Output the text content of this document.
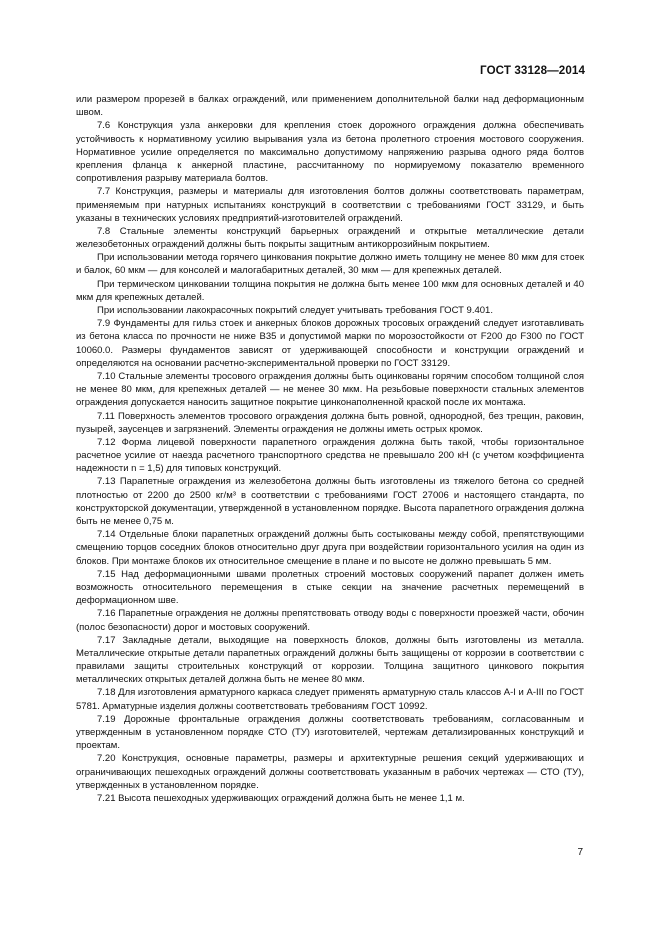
ГОСТ 33128—2014

или размером прорезей в балках ограждений, или применением дополнительной балки над деформационным швом.

7.6 Конструкция узла анкеровки для крепления стоек дорожного ограждения должна обеспечивать устойчивость к нормативному усилию вырывания узла из бетона пролетного строения мостового сооружения. Нормативное усилие определяется по максимально допустимому напряжению разрыва одного ряда болтов крепления фланца к анкерной пластине, рассчитанному по нормируемому показателю временного сопротивления разрыву материала болтов.

7.7 Конструкция, размеры и материалы для изготовления болтов должны соответствовать параметрам, применяемым при натурных испытаниях конструкций в соответствии с требованиями ГОСТ 33129, и быть указаны в технических условиях предприятий-изготовителей ограждений.

7.8 Стальные элементы конструкций барьерных ограждений и открытые металлические детали железобетонных ограждений должны быть покрыты защитным антикоррозийным покрытием.

При использовании метода горячего цинкования покрытие должно иметь толщину не менее 80 мкм для стоек и балок, 60 мкм — для консолей и малогабаритных деталей, 30 мкм — для крепежных деталей.

При термическом цинковании толщина покрытия не должна быть менее 100 мкм для основных деталей и 40 мкм для крепежных деталей.

При использовании лакокрасочных покрытий следует учитывать требования ГОСТ 9.401.

7.9 Фундаменты для гильз стоек и анкерных блоков дорожных тросовых ограждений следует изготавливать из бетона класса по прочности не ниже В35 и допустимой марки по морозостойкости от F200 до F300 по ГОСТ 10060.0. Размеры фундаментов зависят от удерживающей способности и конструкции ограждений и определяются на основании расчетно-экспериментальной проверки по ГОСТ 33129.

7.10 Стальные элементы тросового ограждения должны быть оцинкованы горячим способом толщиной слоя не менее 80 мкм, для крепежных деталей — не менее 30 мкм. На резьбовые поверхности стальных элементов ограждения допускается наносить защитное покрытие цинконаполненной краской после их монтажа.

7.11 Поверхность элементов тросового ограждения должна быть ровной, однородной, без трещин, раковин, пузырей, заусенцев и загрязнений. Элементы ограждения не должны иметь острых кромок.

7.12 Форма лицевой поверхности парапетного ограждения должна быть такой, чтобы горизонтальное расчетное усилие от наезда расчетного транспортного средства не превышало 200 кН (с учетом коэффициента надежности n = 1,5) для типовых конструкций.

7.13 Парапетные ограждения из железобетона должны быть изготовлены из тяжелого бетона со средней плотностью от 2200 до 2500 кг/м³ в соответствии с требованиями ГОСТ 27006 и настоящего стандарта, по конструкторской документации, утвержденной в установленном порядке. Высота парапетного ограждения должна быть не менее 0,75 м.

7.14 Отдельные блоки парапетных ограждений должны быть состыкованы между собой, препятствующими смещению торцов соседних блоков относительно друг друга при воздействии горизонтального усилия на один из блоков. При монтаже блоков их относительное смещение в плане и по высоте не должно превышать 5 мм.

7.15 Над деформационными швами пролетных строений мостовых сооружений парапет должен иметь возможность относительного перемещения в стыке секции на значение расчетных перемещений в деформационном шве.

7.16 Парапетные ограждения не должны препятствовать отводу воды с поверхности проезжей части, обочин (полос безопасности) дорог и мостовых сооружений.

7.17 Закладные детали, выходящие на поверхность блоков, должны быть изготовлены из металла. Металлические открытые детали парапетных ограждений должны быть защищены от коррозии в соответствии с правилами защиты строительных конструкций от коррозии. Толщина защитного цинкового покрытия металлических открытых деталей должна быть не менее 80 мкм.

7.18 Для изготовления арматурного каркаса следует применять арматурную сталь классов А-I и А-III по ГОСТ 5781. Арматурные изделия должны соответствовать требованиям ГОСТ 10992.

7.19 Дорожные фронтальные ограждения должны соответствовать требованиям, согласованным и утвержденным в установленном порядке СТО (ТУ) изготовителей, чертежам детализированных конструкций и проектам.

7.20 Конструкция, основные параметры, размеры и архитектурные решения секций удерживающих и ограничивающих пешеходных ограждений должны соответствовать указанным в рабочих чертежах — СТО (ТУ), утвержденных в установленном порядке.

7.21 Высота пешеходных удерживающих ограждений должна быть не менее 1,1 м.

7
